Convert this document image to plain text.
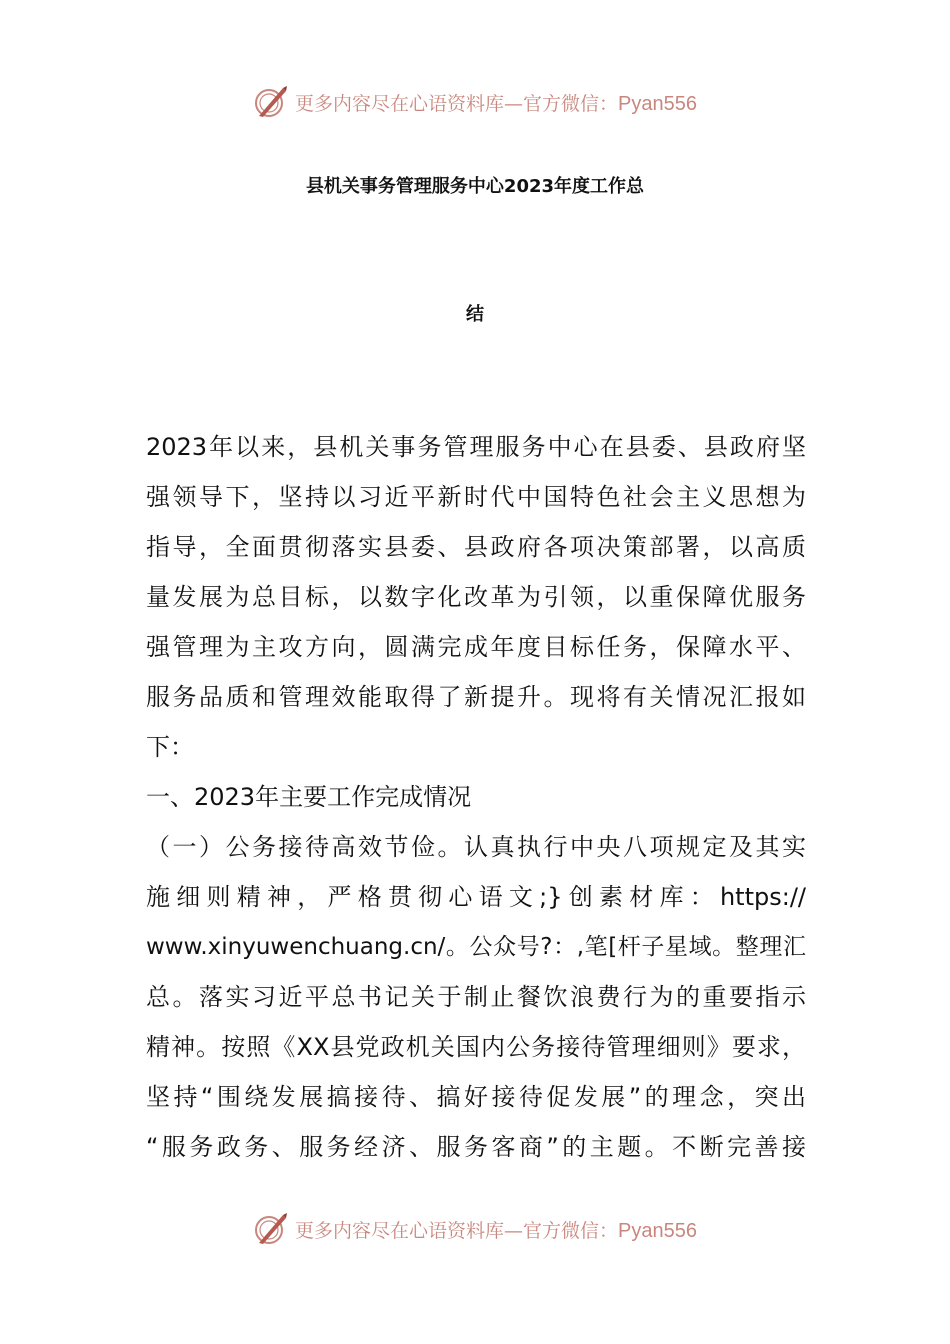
更多内容尽在心语资料库—官方微信：Pyan556
县机关事务管理服务中心2023年度工作总
结
2023年以来，县机关事务管理服务中心在县委、县政府坚
强领导下，坚持以习近平新时代中国特色社会主义思想为
指导，全面贯彻落实县委、县政府各项决策部署，以高质
量发展为总目标，以数字化改革为引领，以重保障优服务
强管理为主攻方向，圆满完成年度目标任务，保障水平、
服务品质和管理效能取得了新提升。现将有关情况汇报如
下：
一、2023年主要工作完成情况
（一）公务接待高效节俭。认真执行中央八项规定及其实
施细则精神，严格贯彻心语文;}创素材库：https://
www.xinyuwenchuang.cn/。公众号?：,笔[杆子星域。整理汇
总。落实习近平总书记关于制止餐饮浪费行为的重要指示
精神。按照《XX县党政机关国内公务接待管理细则》要求，
坚持“围绕发展搞接待、搞好接待促发展”的理念，突出
“服务政务、服务经济、服务客商”的主题。不断完善接
更多内容尽在心语资料库—官方微信：Pyan556
